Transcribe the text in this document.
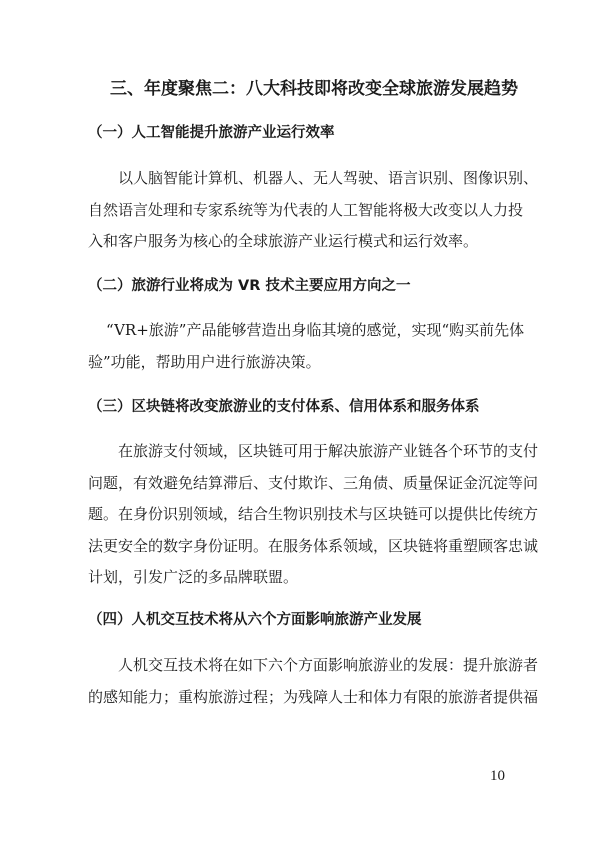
三、年度聚焦二：八大科技即将改变全球旅游发展趋势
（一）人工智能提升旅游产业运行效率
以人脑智能计算机、机器人、无人驾驶、语言识别、图像识别、
自然语言处理和专家系统等为代表的人工智能将极大改变以人力投
入和客户服务为核心的全球旅游产业运行模式和运行效率。
（二）旅游行业将成为 VR 技术主要应用方向之一
“VR+旅游”产品能够营造出身临其境的感觉，实现“购买前先体
验”功能，帮助用户进行旅游决策。
（三）区块链将改变旅游业的支付体系、信用体系和服务体系
在旅游支付领域，区块链可用于解决旅游产业链各个环节的支付
问题，有效避免结算滞后、支付欺诈、三角债、质量保证金沉淀等问
题。在身份识别领域，结合生物识别技术与区块链可以提供比传统方
法更安全的数字身份证明。在服务体系领域，区块链将重塑顾客忠诚
计划，引发广泛的多品牌联盟。
（四）人机交互技术将从六个方面影响旅游产业发展
人机交互技术将在如下六个方面影响旅游业的发展：提升旅游者
的感知能力；重构旅游过程；为残障人士和体力有限的旅游者提供福
10
